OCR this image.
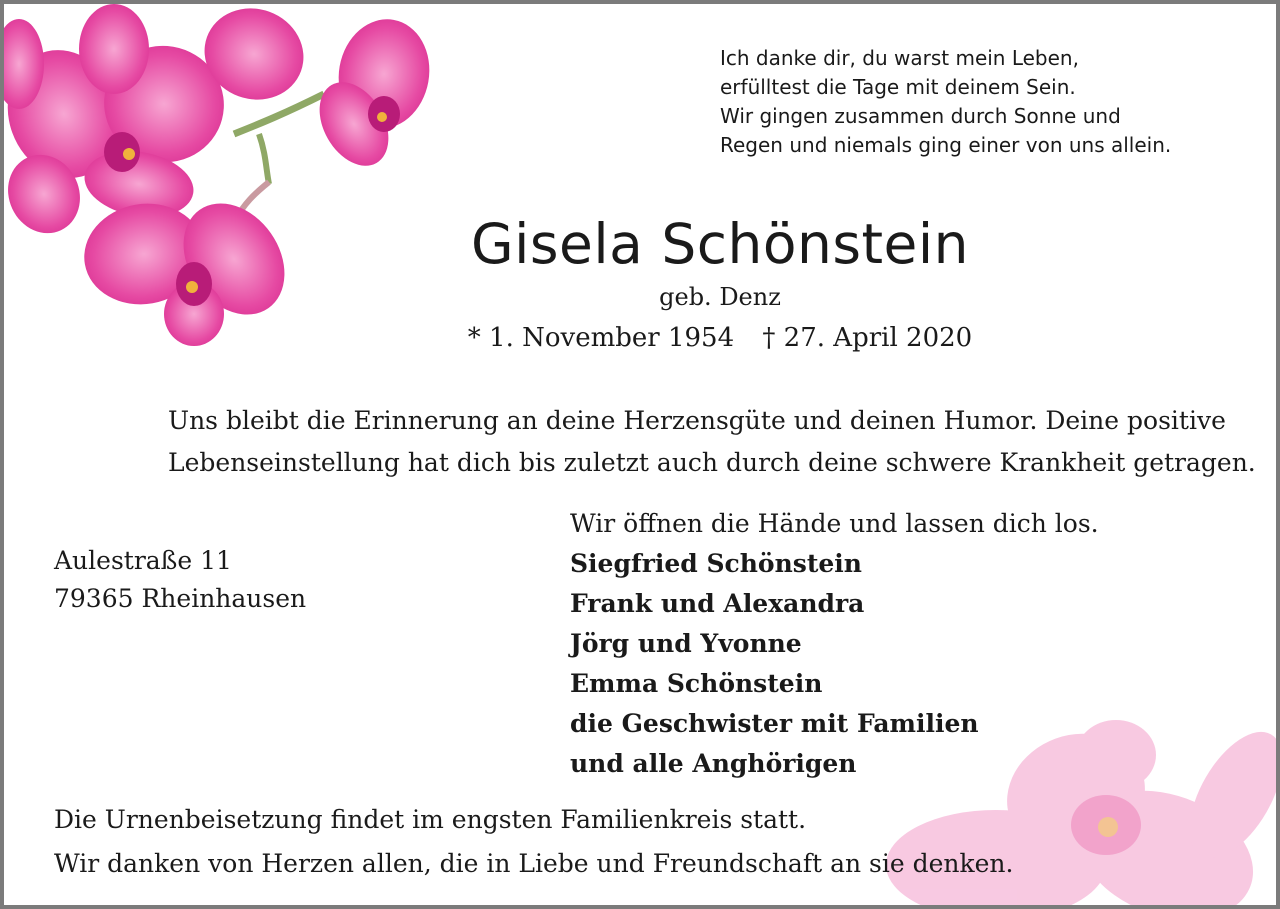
Ich danke dir, du warst mein Leben,
erfülltest die Tage mit deinem Sein.
Wir gingen zusammen durch Sonne und
Regen und niemals ging einer von uns allein.
Gisela Schönstein
geb. Denz
* 1. November 1954 † 27. April 2020
Uns bleibt die Erinnerung an deine Herzensgüte und deinen Humor. Deine positive
Lebenseinstellung hat dich bis zuletzt auch durch deine schwere Krankheit getragen.
Aulestraße 11
79365 Rheinhausen
Wir öffnen die Hände und lassen dich los.
Siegfried Schönstein
Frank und Alexandra
Jörg und Yvonne
Emma Schönstein
die Geschwister mit Familien
und alle Anghörigen
Die Urnenbeisetzung findet im engsten Familienkreis statt.
Wir danken von Herzen allen, die in Liebe und Freundschaft an sie denken.
